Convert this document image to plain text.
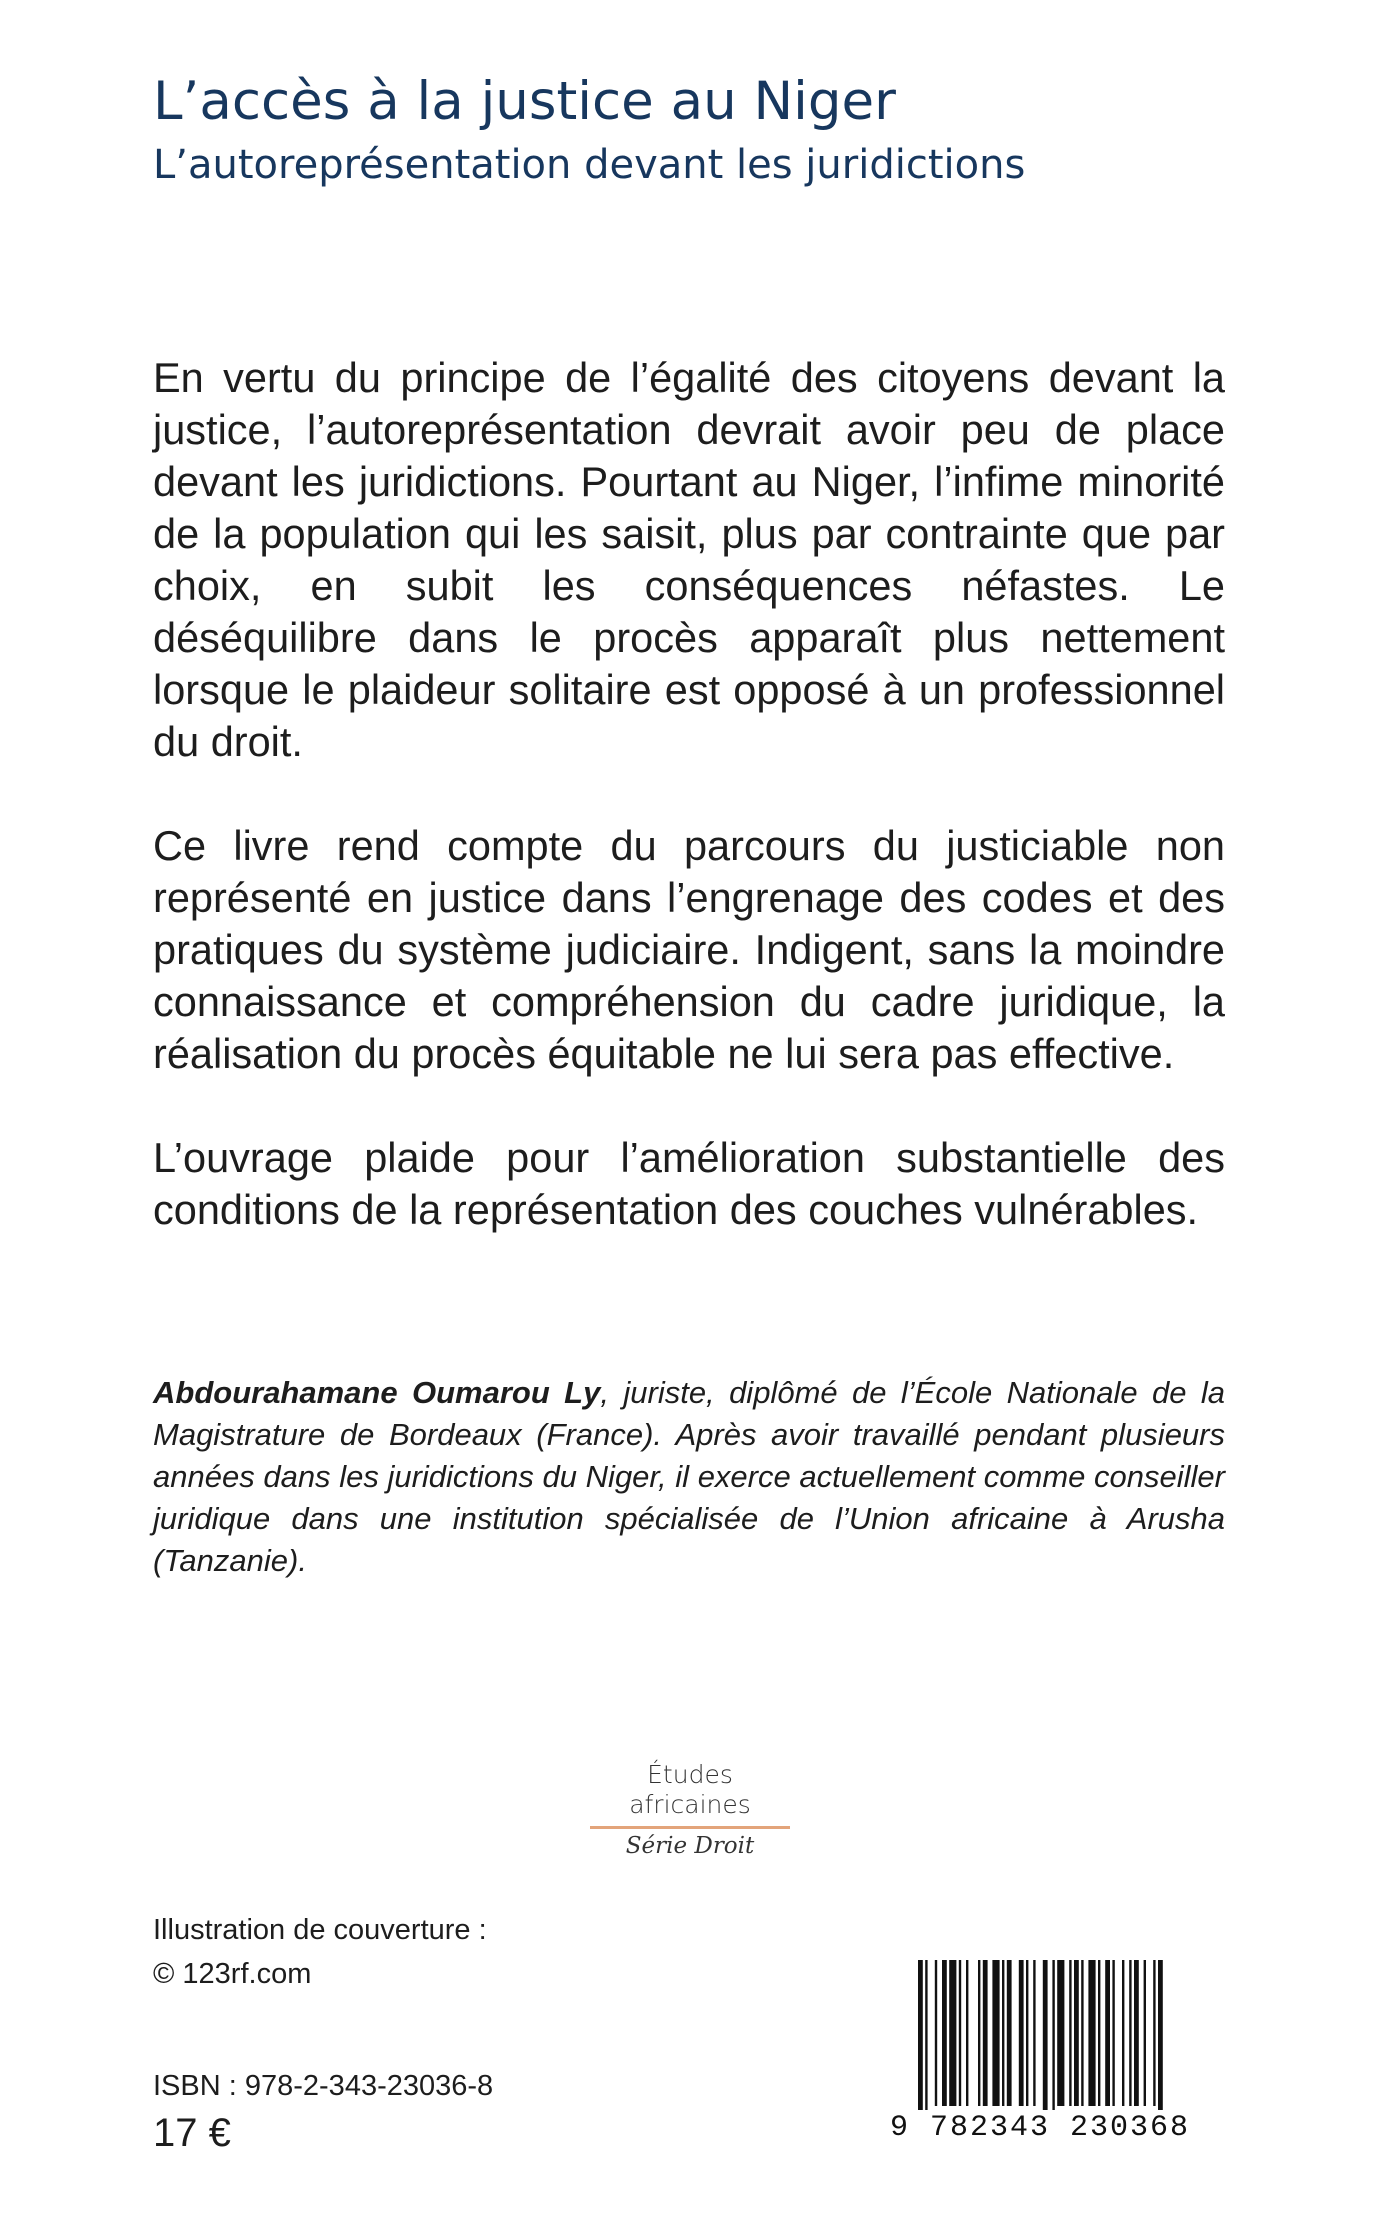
L’accès à la justice au Niger
L’autoreprésentation devant les juridictions

En vertu du principe de l’égalité des citoyens devant la justice, l’autoreprésentation devrait avoir peu de place devant les juridictions. Pourtant au Niger, l’infime minorité de la population qui les saisit, plus par contrainte que par choix, en subit les conséquences néfastes. Le déséquilibre dans le procès apparaît plus nettement lorsque le plaideur solitaire est opposé à un professionnel du droit.

Ce livre rend compte du parcours du justiciable non représenté en justice dans l’engrenage des codes et des pratiques du système judiciaire. Indigent, sans la moindre connaissance et compréhension du cadre juridique, la réalisation du procès équitable ne lui sera pas effective.

L’ouvrage plaide pour l’amélioration substantielle des conditions de la représentation des couches vulnérables.

Abdourahamane Oumarou Ly, juriste, diplômé de l’École Nationale de la Magistrature de Bordeaux (France). Après avoir travaillé pendant plusieurs années dans les juridictions du Niger, il exerce actuellement comme conseiller juridique dans une institution spécialisée de l’Union africaine à Arusha (Tanzanie).
Études africaines
Série Droit
Illustration de couverture :
© 123rf.com
ISBN : 978-2-343-23036-8
17 €	9 782343 230368
